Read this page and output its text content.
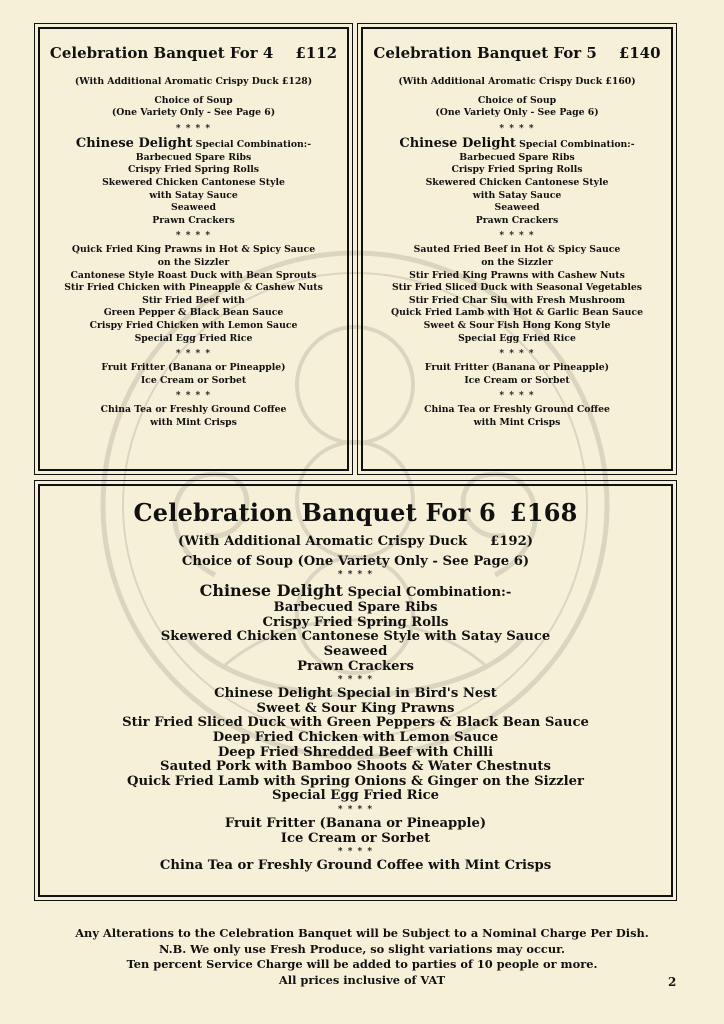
Celebration Banquet For 4 £112
(With Additional Aromatic Crispy Duck £128)
Choice of Soup
(One Variety Only - See Page 6)
* * * *
Chinese Delight Special Combination:-
Barbecued Spare Ribs
Crispy Fried Spring Rolls
Skewered Chicken Cantonese Style
with Satay Sauce
Seaweed
Prawn Crackers
* * * *
Quick Fried King Prawns in Hot & Spicy Sauce
on the Sizzler
Cantonese Style Roast Duck with Bean Sprouts
Stir Fried Chicken with Pineapple & Cashew Nuts
Stir Fried Beef with
Green Pepper & Black Bean Sauce
Crispy Fried Chicken with Lemon Sauce
Special Egg Fried Rice
* * * *
Fruit Fritter (Banana or Pineapple)
Ice Cream or Sorbet
* * * *
China Tea or Freshly Ground Coffee
with Mint Crisps
Celebration Banquet For 5 £140
(With Additional Aromatic Crispy Duck £160)
Choice of Soup
(One Variety Only - See Page 6)
* * * *
Chinese Delight Special Combination:-
Barbecued Spare Ribs
Crispy Fried Spring Rolls
Skewered Chicken Cantonese Style
with Satay Sauce
Seaweed
Prawn Crackers
* * * *
Sauted Fried Beef in Hot & Spicy Sauce
on the Sizzler
Stir Fried King Prawns with Cashew Nuts
Stir Fried Sliced Duck with Seasonal Vegetables
Stir Fried Char Siu with Fresh Mushroom
Quick Fried Lamb with Hot & Garlic Bean Sauce
Sweet & Sour Fish Hong Kong Style
Special Egg Fried Rice
* * * *
Fruit Fritter (Banana or Pineapple)
Ice Cream or Sorbet
* * * *
China Tea or Freshly Ground Coffee
with Mint Crisps
Celebration Banquet For 6 £168
(With Additional Aromatic Crispy Duck     £192)
Choice of Soup (One Variety Only - See Page 6)
* * * *
Chinese Delight Special Combination:-
Barbecued Spare Ribs
Crispy Fried Spring Rolls
Skewered Chicken Cantonese Style with Satay Sauce
Seaweed
Prawn Crackers
* * * *
Chinese Delight Special in Bird's Nest
Sweet & Sour King Prawns
Stir Fried Sliced Duck with Green Peppers & Black Bean Sauce
Deep Fried Chicken with Lemon Sauce
Deep Fried Shredded Beef with Chilli
Sauted Pork with Bamboo Shoots & Water Chestnuts
Quick Fried Lamb with Spring Onions & Ginger on the Sizzler
Special Egg Fried Rice
* * * *
Fruit Fritter (Banana or Pineapple)
Ice Cream or Sorbet
* * * *
China Tea or Freshly Ground Coffee with Mint Crisps
Any Alterations to the Celebration Banquet will be Subject to a Nominal Charge Per Dish.
N.B. We only use Fresh Produce, so slight variations may occur.
Ten percent Service Charge will be added to parties of 10 people or more.
All prices inclusive of VAT	2
